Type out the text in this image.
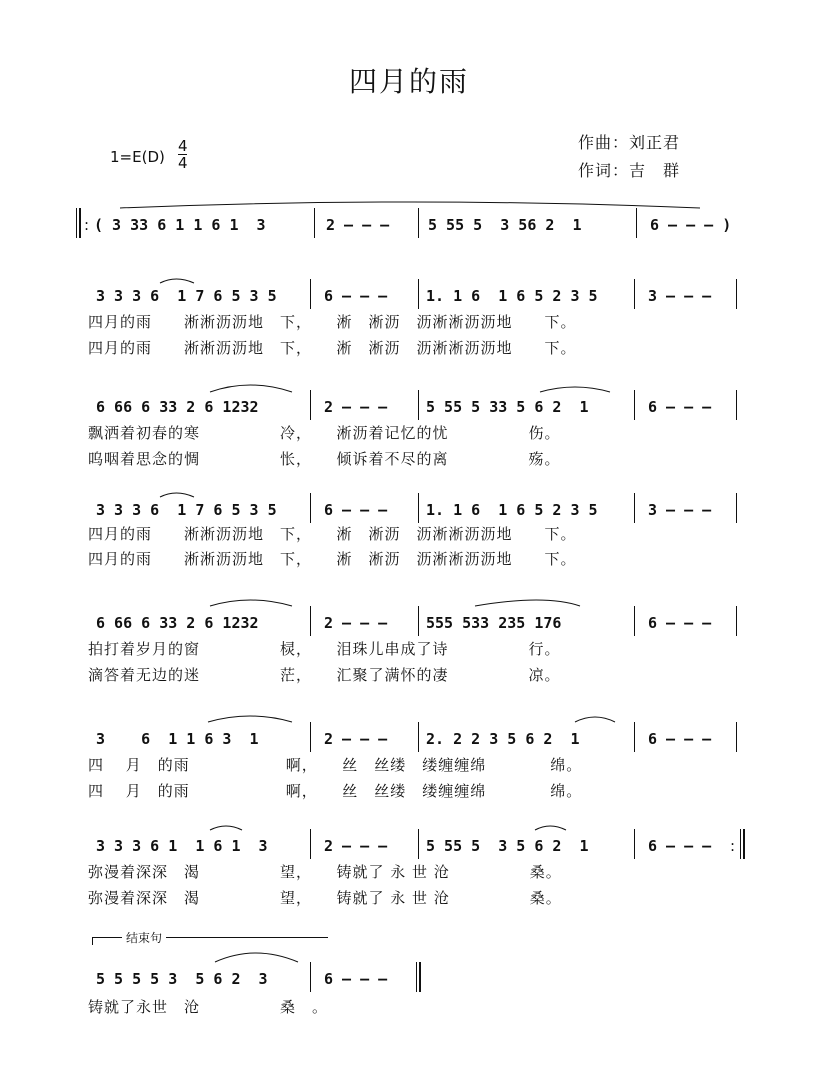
四月的雨
作曲：刘正君
作词：吉　群
1=E(D)
4
4
: ( 3 33 6 1 1 6 1  3	2 — — —	5 55 5  3 56 2  1	6 — — — )
3 3 3 6  1 7 6 5 3 5	6 — — —	1. 1 6  1 6 5 2 3 5	3 — — —
四月的雨　　淅淅沥沥地　下，　　淅　淅沥　沥淅淅沥沥地　　下。
四月的雨　　淅淅沥沥地　下，　　淅　淅沥　沥淅淅沥沥地　　下。
6 66 6 33 2 6 1232	2 — — —	5 55 5 33 5 6 2  1	6 — — —
飘洒着初春的寒　　　　　冷，　　淅沥着记忆的忧　　　　　伤。
呜咽着思念的惆　　　　　怅，　　倾诉着不尽的离　　　　　殇。
3 3 3 6  1 7 6 5 3 5	6 — — —	1. 1 6  1 6 5 2 3 5	3 — — —
四月的雨　　淅淅沥沥地　下，　　淅　淅沥　沥淅淅沥沥地　　下。
四月的雨　　淅淅沥沥地　下，　　淅　淅沥　沥淅淅沥沥地　　下。
6 66 6 33 2 6 1232	2 — — —	555 533 235 176	6 — — —
拍打着岁月的窗　　　　　棂，　　泪珠儿串成了诗　　　　　行。
滴答着无边的迷　　　　　茫，　　汇聚了满怀的凄　　　　　凉。
3    6  1 1 6 3  1	2 — — —	2. 2 2 3 5 6 2  1	6 — — —
四　 月　的雨　　　　　　啊，　　丝　丝缕　缕缠缠绵　　　　绵。
四　 月　的雨　　　　　　啊，　　丝　丝缕　缕缠缠绵　　　　绵。
3 3 3 6 1  1 6 1  3	2 — — —	5 55 5  3 5 6 2  1	6 — — — :
弥漫着深深　渴　　　　　望，　　铸就了 永 世 沧　　　　　桑。
弥漫着深深　渴　　　　　望，　　铸就了 永 世 沧　　　　　桑。
结束句
5 5 5 5 3  5 6 2  3	6 — — —
铸就了永世　沧　　　　　桑　。
